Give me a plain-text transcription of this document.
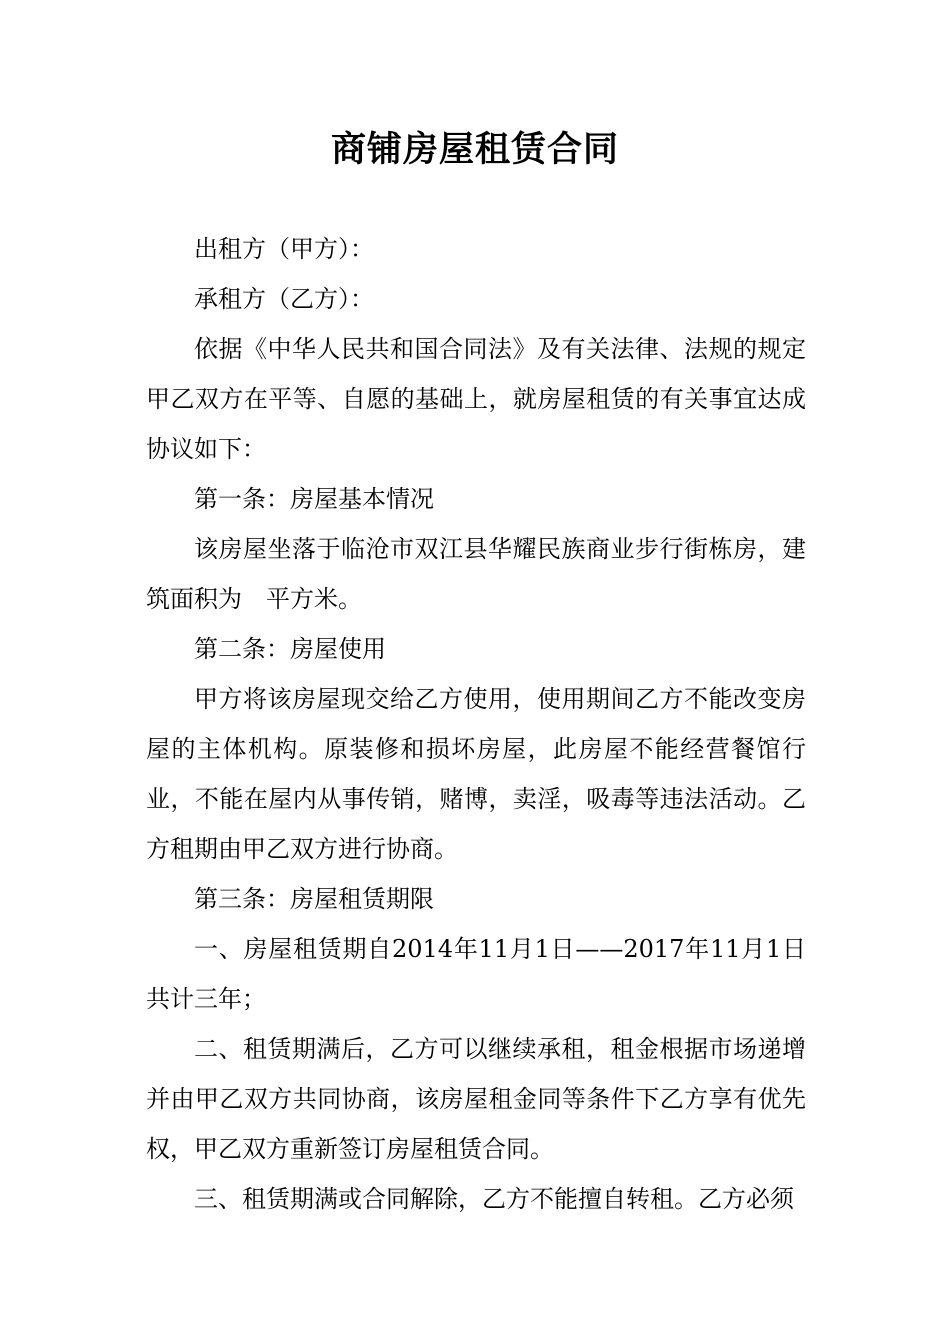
商铺房屋租赁合同

出租方（甲方）：

承租方（乙方）：

依据《中华人民共和国合同法》及有关法律、法规的规定甲乙双方在平等、自愿的基础上，就房屋租赁的有关事宜达成协议如下：

第一条：房屋基本情况

该房屋坐落于临沧市双江县华耀民族商业步行街栋房，建筑面积为　平方米。

第二条：房屋使用

甲方将该房屋现交给乙方使用，使用期间乙方不能改变房屋的主体机构。原装修和损坏房屋，此房屋不能经营餐馆行业，不能在屋内从事传销，赌博，卖淫，吸毒等违法活动。乙方租期由甲乙双方进行协商。

第三条：房屋租赁期限

一、房屋租赁期自2014年11月1日——2017年11月1日共计三年；

二、租赁期满后，乙方可以继续承租，租金根据市场递增并由甲乙双方共同协商，该房屋租金同等条件下乙方享有优先权，甲乙双方重新签订房屋租赁合同。

三、租赁期满或合同解除，乙方不能擅自转租。乙方必须
